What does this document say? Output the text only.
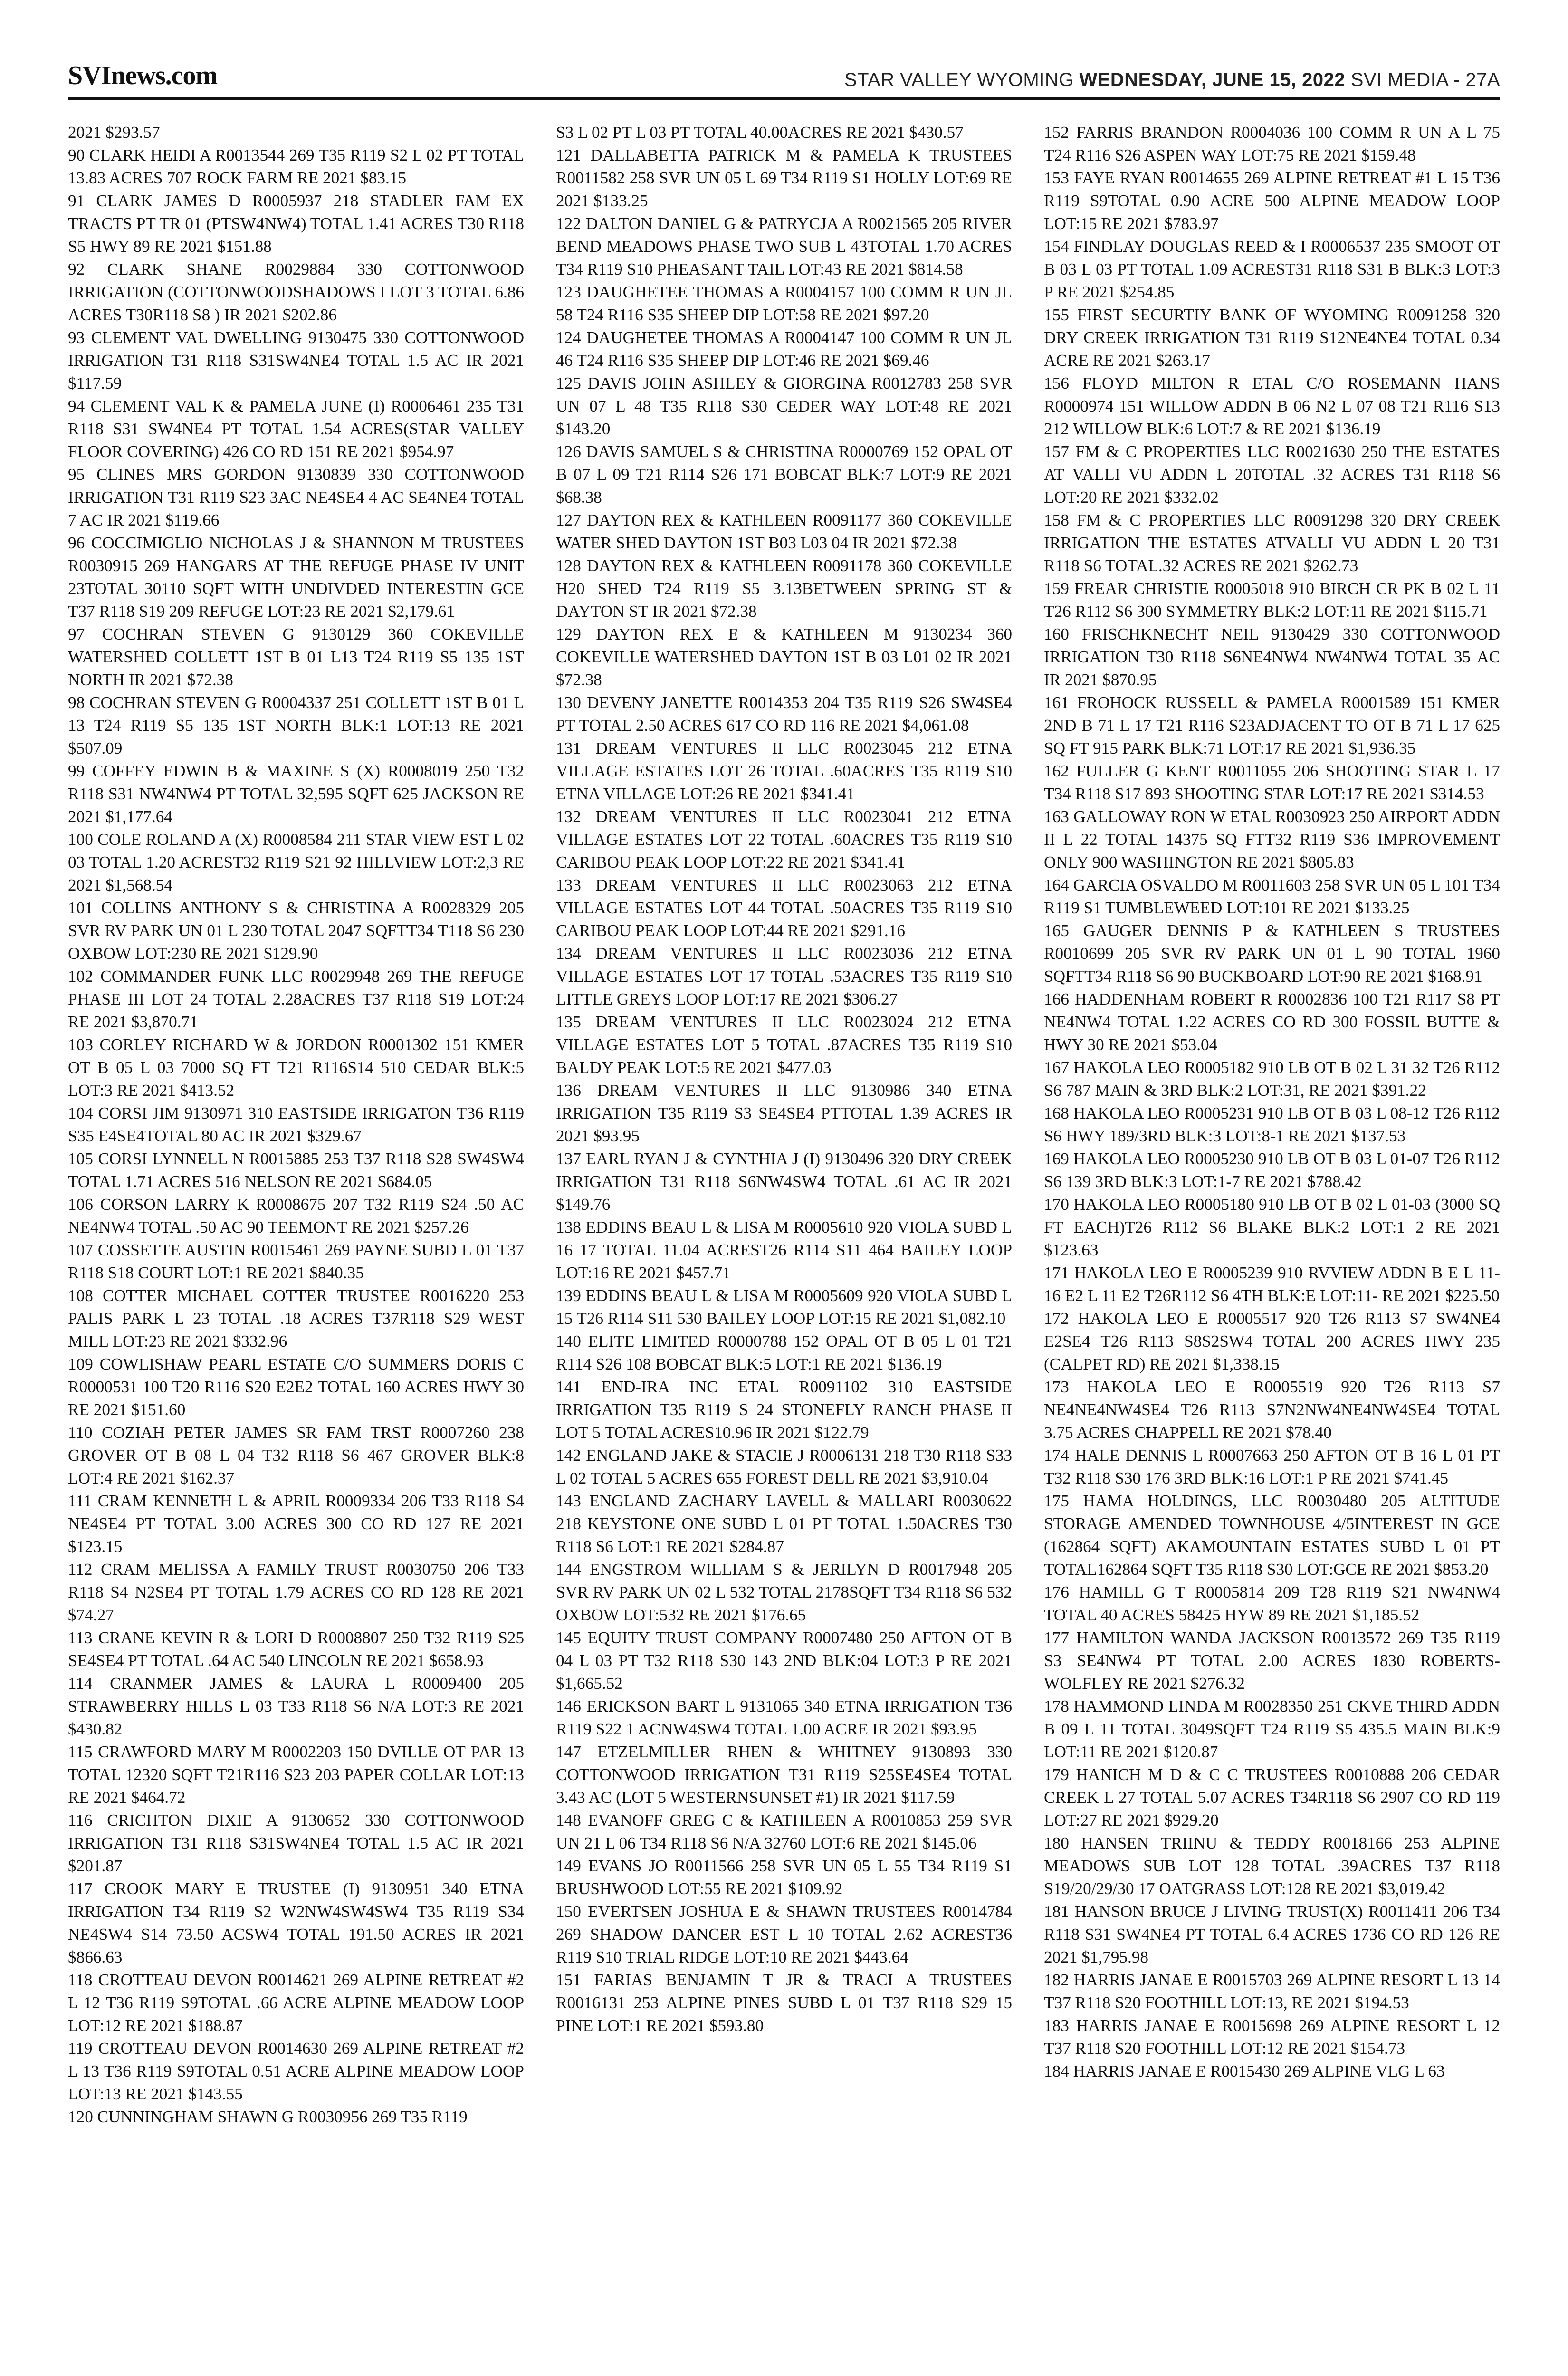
SVInews.com	STAR VALLEY WYOMING WEDNESDAY, JUNE 15, 2022 SVI MEDIA - 27A

2021 $293.57

90 CLARK HEIDI A R0013544 269 T35 R119 S2 L 02 PT TOTAL 13.83 ACRES 707 ROCK FARM RE 2021 $83.15

91 CLARK JAMES D R0005937 218 STADLER FAM EX TRACTS PT TR 01 (PTSW4NW4) TOTAL 1.41 ACRES T30 R118 S5 HWY 89 RE 2021 $151.88

92 CLARK SHANE R0029884 330 COTTONWOOD IRRIGATION (COTTONWOODSHADOWS I LOT 3 TOTAL 6.86 ACRES T30R118 S8 ) IR 2021 $202.86

93 CLEMENT VAL DWELLING 9130475 330 COTTONWOOD IRRIGATION T31 R118 S31SW4NE4 TOTAL 1.5 AC IR 2021 $117.59

94 CLEMENT VAL K & PAMELA JUNE (I) R0006461 235 T31 R118 S31 SW4NE4 PT TOTAL 1.54 ACRES(STAR VALLEY FLOOR COVERING) 426 CO RD 151 RE 2021 $954.97

95 CLINES MRS GORDON 9130839 330 COTTONWOOD IRRIGATION T31 R119 S23 3AC NE4SE4 4 AC SE4NE4 TOTAL 7 AC IR 2021 $119.66

96 COCCIMIGLIO NICHOLAS J & SHANNON M TRUSTEES R0030915 269 HANGARS AT THE REFUGE PHASE IV UNIT 23TOTAL 30110 SQFT WITH UNDIVDED INTERESTIN GCE T37 R118 S19 209 REFUGE LOT:23 RE 2021 $2,179.61

97 COCHRAN STEVEN G 9130129 360 COKEVILLE WATERSHED COLLETT 1ST B 01 L13 T24 R119 S5 135 1ST NORTH IR 2021 $72.38

98 COCHRAN STEVEN G R0004337 251 COLLETT 1ST B 01 L 13 T24 R119 S5 135 1ST NORTH BLK:1 LOT:13 RE 2021 $507.09

99 COFFEY EDWIN B & MAXINE S (X) R0008019 250 T32 R118 S31 NW4NW4 PT TOTAL 32,595 SQFT 625 JACKSON RE 2021 $1,177.64

100 COLE ROLAND A (X) R0008584 211 STAR VIEW EST L 02 03 TOTAL 1.20 ACREST32 R119 S21 92 HILLVIEW LOT:2,3 RE 2021 $1,568.54

101 COLLINS ANTHONY S & CHRISTINA A R0028329 205 SVR RV PARK UN 01 L 230 TOTAL 2047 SQFTT34 T118 S6 230 OXBOW LOT:230 RE 2021 $129.90

102 COMMANDER FUNK LLC R0029948 269 THE REFUGE PHASE III LOT 24 TOTAL 2.28ACRES T37 R118 S19 LOT:24 RE 2021 $3,870.71

103 CORLEY RICHARD W & JORDON R0001302 151 KMER OT B 05 L 03 7000 SQ FT T21 R116S14 510 CEDAR BLK:5 LOT:3 RE 2021 $413.52

104 CORSI JIM 9130971 310 EASTSIDE IRRIGATON T36 R119 S35 E4SE4TOTAL 80 AC IR 2021 $329.67

105 CORSI LYNNELL N R0015885 253 T37 R118 S28 SW4SW4 TOTAL 1.71 ACRES 516 NELSON RE 2021 $684.05

106 CORSON LARRY K R0008675 207 T32 R119 S24 .50 AC NE4NW4 TOTAL .50 AC 90 TEEMONT RE 2021 $257.26

107 COSSETTE AUSTIN R0015461 269 PAYNE SUBD L 01 T37 R118 S18 COURT LOT:1 RE 2021 $840.35

108 COTTER MICHAEL COTTER TRUSTEE R0016220 253 PALIS PARK L 23 TOTAL .18 ACRES T37R118 S29 WEST MILL LOT:23 RE 2021 $332.96

109 COWLISHAW PEARL ESTATE C/O SUMMERS DORIS C R0000531 100 T20 R116 S20 E2E2 TOTAL 160 ACRES HWY 30 RE 2021 $151.60

110 COZIAH PETER JAMES SR FAM TRST R0007260 238 GROVER OT B 08 L 04 T32 R118 S6 467 GROVER BLK:8 LOT:4 RE 2021 $162.37

111 CRAM KENNETH L & APRIL R0009334 206 T33 R118 S4 NE4SE4 PT TOTAL 3.00 ACRES 300 CO RD 127 RE 2021 $123.15

112 CRAM MELISSA A FAMILY TRUST R0030750 206 T33 R118 S4 N2SE4 PT TOTAL 1.79 ACRES CO RD 128 RE 2021 $74.27

113 CRANE KEVIN R & LORI D R0008807 250 T32 R119 S25 SE4SE4 PT TOTAL .64 AC 540 LINCOLN RE 2021 $658.93

114 CRANMER JAMES & LAURA L R0009400 205 STRAWBERRY HILLS L 03 T33 R118 S6 N/A LOT:3 RE 2021 $430.82

115 CRAWFORD MARY M R0002203 150 DVILLE OT PAR 13 TOTAL 12320 SQFT T21R116 S23 203 PAPER COLLAR LOT:13 RE 2021 $464.72

116 CRICHTON DIXIE A 9130652 330 COTTONWOOD IRRIGATION T31 R118 S31SW4NE4 TOTAL 1.5 AC IR 2021 $201.87

117 CROOK MARY E TRUSTEE (I) 9130951 340 ETNA IRRIGATION T34 R119 S2 W2NW4SW4SW4 T35 R119 S34 NE4SW4 S14 73.50 ACSW4 TOTAL 191.50 ACRES IR 2021 $866.63

118 CROTTEAU DEVON R0014621 269 ALPINE RETREAT #2 L 12 T36 R119 S9TOTAL .66 ACRE ALPINE MEADOW LOOP LOT:12 RE 2021 $188.87

119 CROTTEAU DEVON R0014630 269 ALPINE RETREAT #2 L 13 T36 R119 S9TOTAL 0.51 ACRE ALPINE MEADOW LOOP LOT:13 RE 2021 $143.55

120 CUNNINGHAM SHAWN G R0030956 269 T35 R119

S3 L 02 PT L 03 PT TOTAL 40.00ACRES RE 2021 $430.57

121 DALLABETTA PATRICK M & PAMELA K TRUSTEES R0011582 258 SVR UN 05 L 69 T34 R119 S1 HOLLY LOT:69 RE 2021 $133.25

122 DALTON DANIEL G & PATRYCJA A R0021565 205 RIVER BEND MEADOWS PHASE TWO SUB L 43TOTAL 1.70 ACRES T34 R119 S10 PHEASANT TAIL LOT:43 RE 2021 $814.58

123 DAUGHETEE THOMAS A R0004157 100 COMM R UN JL 58 T24 R116 S35 SHEEP DIP LOT:58 RE 2021 $97.20

124 DAUGHETEE THOMAS A R0004147 100 COMM R UN JL 46 T24 R116 S35 SHEEP DIP LOT:46 RE 2021 $69.46

125 DAVIS JOHN ASHLEY & GIORGINA R0012783 258 SVR UN 07 L 48 T35 R118 S30 CEDER WAY LOT:48 RE 2021 $143.20

126 DAVIS SAMUEL S & CHRISTINA R0000769 152 OPAL OT B 07 L 09 T21 R114 S26 171 BOBCAT BLK:7 LOT:9 RE 2021 $68.38

127 DAYTON REX & KATHLEEN R0091177 360 COKEVILLE WATER SHED DAYTON 1ST B03 L03 04 IR 2021 $72.38

128 DAYTON REX & KATHLEEN R0091178 360 COKEVILLE H20 SHED T24 R119 S5 3.13BETWEEN SPRING ST & DAYTON ST IR 2021 $72.38

129 DAYTON REX E & KATHLEEN M 9130234 360 COKEVILLE WATERSHED DAYTON 1ST B 03 L01 02 IR 2021 $72.38

130 DEVENY JANETTE R0014353 204 T35 R119 S26 SW4SE4 PT TOTAL 2.50 ACRES 617 CO RD 116 RE 2021 $4,061.08

131 DREAM VENTURES II LLC R0023045 212 ETNA VILLAGE ESTATES LOT 26 TOTAL .60ACRES T35 R119 S10 ETNA VILLAGE LOT:26 RE 2021 $341.41

132 DREAM VENTURES II LLC R0023041 212 ETNA VILLAGE ESTATES LOT 22 TOTAL .60ACRES T35 R119 S10 CARIBOU PEAK LOOP LOT:22 RE 2021 $341.41

133 DREAM VENTURES II LLC R0023063 212 ETNA VILLAGE ESTATES LOT 44 TOTAL .50ACRES T35 R119 S10 CARIBOU PEAK LOOP LOT:44 RE 2021 $291.16

134 DREAM VENTURES II LLC R0023036 212 ETNA VILLAGE ESTATES LOT 17 TOTAL .53ACRES T35 R119 S10 LITTLE GREYS LOOP LOT:17 RE 2021 $306.27

135 DREAM VENTURES II LLC R0023024 212 ETNA VILLAGE ESTATES LOT 5 TOTAL .87ACRES T35 R119 S10 BALDY PEAK LOT:5 RE 2021 $477.03

136 DREAM VENTURES II LLC 9130986 340 ETNA IRRIGATION T35 R119 S3 SE4SE4 PTTOTAL 1.39 ACRES IR 2021 $93.95

137 EARL RYAN J & CYNTHIA J (I) 9130496 320 DRY CREEK IRRIGATION T31 R118 S6NW4SW4 TOTAL .61 AC IR 2021 $149.76

138 EDDINS BEAU L & LISA M R0005610 920 VIOLA SUBD L 16 17 TOTAL 11.04 ACREST26 R114 S11 464 BAILEY LOOP LOT:16 RE 2021 $457.71

139 EDDINS BEAU L & LISA M R0005609 920 VIOLA SUBD L 15 T26 R114 S11 530 BAILEY LOOP LOT:15 RE 2021 $1,082.10

140 ELITE LIMITED R0000788 152 OPAL OT B 05 L 01 T21 R114 S26 108 BOBCAT BLK:5 LOT:1 RE 2021 $136.19

141 END-IRA INC ETAL R0091102 310 EASTSIDE IRRIGATION T35 R119 S 24 STONEFLY RANCH PHASE II LOT 5 TOTAL ACRES10.96 IR 2021 $122.79

142 ENGLAND JAKE & STACIE J R0006131 218 T30 R118 S33 L 02 TOTAL 5 ACRES 655 FOREST DELL RE 2021 $3,910.04

143 ENGLAND ZACHARY LAVELL & MALLARI R0030622 218 KEYSTONE ONE SUBD L 01 PT TOTAL 1.50ACRES T30 R118 S6 LOT:1 RE 2021 $284.87

144 ENGSTROM WILLIAM S & JERILYN D R0017948 205 SVR RV PARK UN 02 L 532 TOTAL 2178SQFT T34 R118 S6 532 OXBOW LOT:532 RE 2021 $176.65

145 EQUITY TRUST COMPANY R0007480 250 AFTON OT B 04 L 03 PT T32 R118 S30 143 2ND BLK:04 LOT:3 P RE 2021 $1,665.52

146 ERICKSON BART L 9131065 340 ETNA IRRIGATION T36 R119 S22 1 ACNW4SW4 TOTAL 1.00 ACRE IR 2021 $93.95

147 ETZELMILLER RHEN & WHITNEY 9130893 330 COTTONWOOD IRRIGATION T31 R119 S25SE4SE4 TOTAL 3.43 AC (LOT 5 WESTERNSUNSET #1) IR 2021 $117.59

148 EVANOFF GREG C & KATHLEEN A R0010853 259 SVR UN 21 L 06 T34 R118 S6 N/A 32760 LOT:6 RE 2021 $145.06

149 EVANS JO R0011566 258 SVR UN 05 L 55 T34 R119 S1 BRUSHWOOD LOT:55 RE 2021 $109.92

150 EVERTSEN JOSHUA E & SHAWN TRUSTEES R0014784 269 SHADOW DANCER EST L 10 TOTAL 2.62 ACREST36 R119 S10 TRIAL RIDGE LOT:10 RE 2021 $443.64

151 FARIAS BENJAMIN T JR & TRACI A TRUSTEES R0016131 253 ALPINE PINES SUBD L 01 T37 R118 S29 15 PINE LOT:1 RE 2021 $593.80

152 FARRIS BRANDON R0004036 100 COMM R UN A L 75 T24 R116 S26 ASPEN WAY LOT:75 RE 2021 $159.48

153 FAYE RYAN R0014655 269 ALPINE RETREAT #1 L 15 T36 R119 S9TOTAL 0.90 ACRE 500 ALPINE MEADOW LOOP LOT:15 RE 2021 $783.97

154 FINDLAY DOUGLAS REED & I R0006537 235 SMOOT OT B 03 L 03 PT TOTAL 1.09 ACREST31 R118 S31 B BLK:3 LOT:3 P RE 2021 $254.85

155 FIRST SECURTIY BANK OF WYOMING R0091258 320 DRY CREEK IRRIGATION T31 R119 S12NE4NE4 TOTAL 0.34 ACRE RE 2021 $263.17

156 FLOYD MILTON R ETAL C/O ROSEMANN HANS R0000974 151 WILLOW ADDN B 06 N2 L 07 08 T21 R116 S13 212 WILLOW BLK:6 LOT:7 & RE 2021 $136.19

157 FM & C PROPERTIES LLC R0021630 250 THE ESTATES AT VALLI VU ADDN L 20TOTAL .32 ACRES T31 R118 S6 LOT:20 RE 2021 $332.02

158 FM & C PROPERTIES LLC R0091298 320 DRY CREEK IRRIGATION THE ESTATES ATVALLI VU ADDN L 20 T31 R118 S6 TOTAL.32 ACRES RE 2021 $262.73

159 FREAR CHRISTIE R0005018 910 BIRCH CR PK B 02 L 11 T26 R112 S6 300 SYMMETRY BLK:2 LOT:11 RE 2021 $115.71

160 FRISCHKNECHT NEIL 9130429 330 COTTONWOOD IRRIGATION T30 R118 S6NE4NW4 NW4NW4 TOTAL 35 AC IR 2021 $870.95

161 FROHOCK RUSSELL & PAMELA R0001589 151 KMER 2ND B 71 L 17 T21 R116 S23ADJACENT TO OT B 71 L 17 625 SQ FT 915 PARK BLK:71 LOT:17 RE 2021 $1,936.35

162 FULLER G KENT R0011055 206 SHOOTING STAR L 17 T34 R118 S17 893 SHOOTING STAR LOT:17 RE 2021 $314.53

163 GALLOWAY RON W ETAL R0030923 250 AIRPORT ADDN II L 22 TOTAL 14375 SQ FTT32 R119 S36 IMPROVEMENT ONLY 900 WASHINGTON RE 2021 $805.83

164 GARCIA OSVALDO M R0011603 258 SVR UN 05 L 101 T34 R119 S1 TUMBLEWEED LOT:101 RE 2021 $133.25

165 GAUGER DENNIS P & KATHLEEN S TRUSTEES R0010699 205 SVR RV PARK UN 01 L 90 TOTAL 1960 SQFTT34 R118 S6 90 BUCKBOARD LOT:90 RE 2021 $168.91

166 HADDENHAM ROBERT R R0002836 100 T21 R117 S8 PT NE4NW4 TOTAL 1.22 ACRES CO RD 300 FOSSIL BUTTE & HWY 30 RE 2021 $53.04

167 HAKOLA LEO R0005182 910 LB OT B 02 L 31 32 T26 R112 S6 787 MAIN & 3RD BLK:2 LOT:31, RE 2021 $391.22

168 HAKOLA LEO R0005231 910 LB OT B 03 L 08-12 T26 R112 S6 HWY 189/3RD BLK:3 LOT:8-1 RE 2021 $137.53

169 HAKOLA LEO R0005230 910 LB OT B 03 L 01-07 T26 R112 S6 139 3RD BLK:3 LOT:1-7 RE 2021 $788.42

170 HAKOLA LEO R0005180 910 LB OT B 02 L 01-03 (3000 SQ FT EACH)T26 R112 S6 BLAKE BLK:2 LOT:1 2 RE 2021 $123.63

171 HAKOLA LEO E R0005239 910 RVVIEW ADDN B E L 11-16 E2 L 11 E2 T26R112 S6 4TH BLK:E LOT:11- RE 2021 $225.50

172 HAKOLA LEO E R0005517 920 T26 R113 S7 SW4NE4 E2SE4 T26 R113 S8S2SW4 TOTAL 200 ACRES HWY 235 (CALPET RD) RE 2021 $1,338.15

173 HAKOLA LEO E R0005519 920 T26 R113 S7 NE4NE4NW4SE4 T26 R113 S7N2NW4NE4NW4SE4 TOTAL 3.75 ACRES CHAPPELL RE 2021 $78.40

174 HALE DENNIS L R0007663 250 AFTON OT B 16 L 01 PT T32 R118 S30 176 3RD BLK:16 LOT:1 P RE 2021 $741.45

175 HAMA HOLDINGS, LLC R0030480 205 ALTITUDE STORAGE AMENDED TOWNHOUSE 4/5INTEREST IN GCE (162864 SQFT) AKAMOUNTAIN ESTATES SUBD L 01 PT TOTAL162864 SQFT T35 R118 S30 LOT:GCE RE 2021 $853.20

176 HAMILL G T R0005814 209 T28 R119 S21 NW4NW4 TOTAL 40 ACRES 58425 HYW 89 RE 2021 $1,185.52

177 HAMILTON WANDA JACKSON R0013572 269 T35 R119 S3 SE4NW4 PT TOTAL 2.00 ACRES 1830 ROBERTS-WOLFLEY RE 2021 $276.32

178 HAMMOND LINDA M R0028350 251 CKVE THIRD ADDN B 09 L 11 TOTAL 3049SQFT T24 R119 S5 435.5 MAIN BLK:9 LOT:11 RE 2021 $120.87

179 HANICH M D & C C TRUSTEES R0010888 206 CEDAR CREEK L 27 TOTAL 5.07 ACRES T34R118 S6 2907 CO RD 119 LOT:27 RE 2021 $929.20

180 HANSEN TRIINU & TEDDY R0018166 253 ALPINE MEADOWS SUB LOT 128 TOTAL .39ACRES T37 R118 S19/20/29/30 17 OATGRASS LOT:128 RE 2021 $3,019.42

181 HANSON BRUCE J LIVING TRUST(X) R0011411 206 T34 R118 S31 SW4NE4 PT TOTAL 6.4 ACRES 1736 CO RD 126 RE 2021 $1,795.98

182 HARRIS JANAE E R0015703 269 ALPINE RESORT L 13 14 T37 R118 S20 FOOTHILL LOT:13, RE 2021 $194.53

183 HARRIS JANAE E R0015698 269 ALPINE RESORT L 12 T37 R118 S20 FOOTHILL LOT:12 RE 2021 $154.73

184 HARRIS JANAE E R0015430 269 ALPINE VLG L 63
